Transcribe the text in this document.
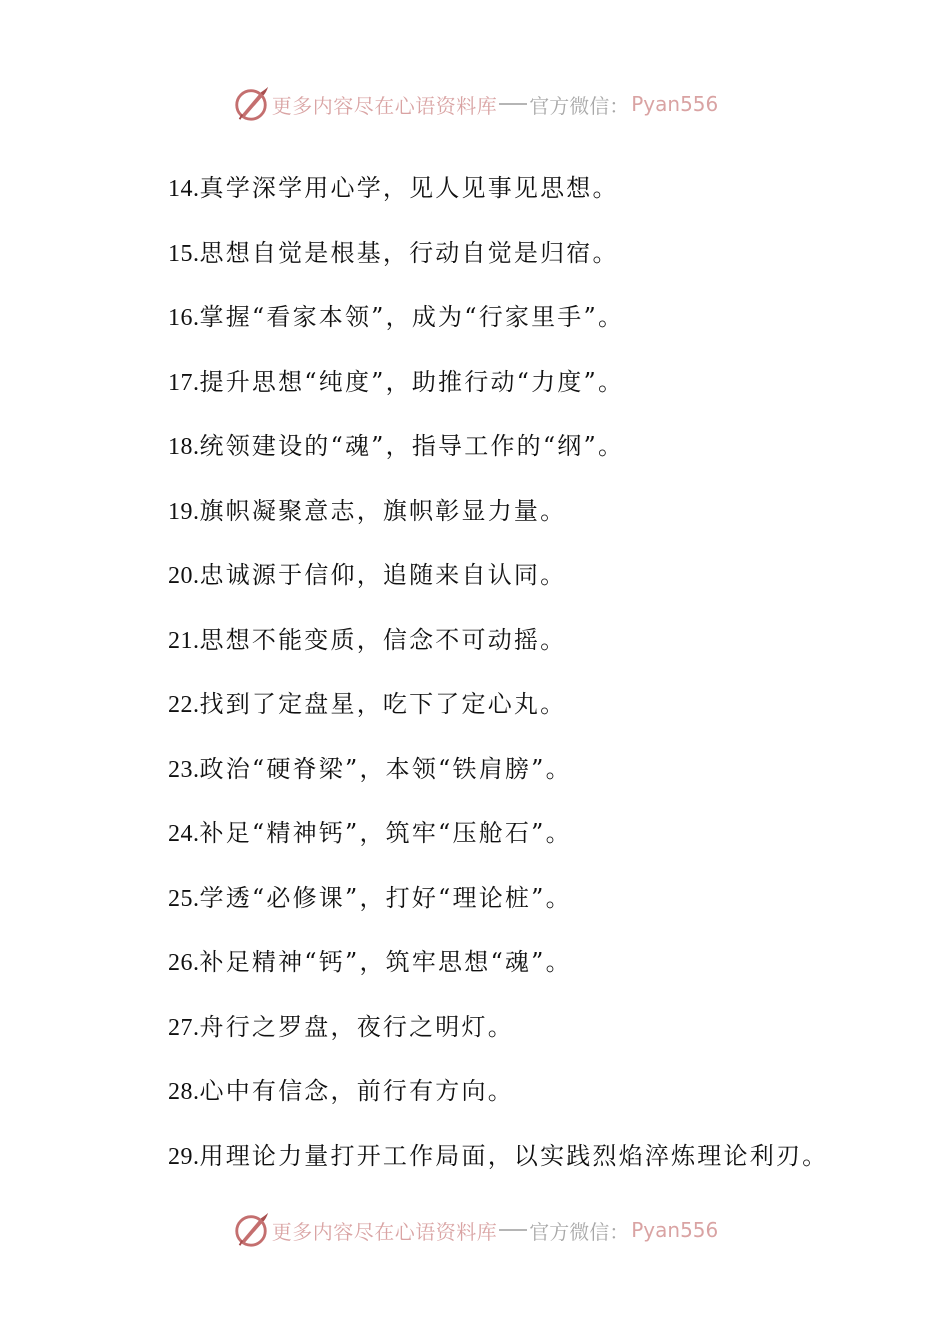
更多内容尽在心语资料库 官方微信： Pyan556
14.真学深学用心学，见人见事见思想。
15.思想自觉是根基，行动自觉是归宿。
16.掌握“看家本领”，成为“行家里手”。
17.提升思想“纯度”，助推行动“力度”。
18.统领建设的“魂”，指导工作的“纲”。
19.旗帜凝聚意志，旗帜彰显力量。
20.忠诚源于信仰，追随来自认同。
21.思想不能变质，信念不可动摇。
22.找到了定盘星，吃下了定心丸。
23.政治“硬脊梁”，本领“铁肩膀”。
24.补足“精神钙”，筑牢“压舱石”。
25.学透“必修课”，打好“理论桩”。
26.补足精神“钙”，筑牢思想“魂”。
27.舟行之罗盘，夜行之明灯。
28.心中有信念，前行有方向。
29.用理论力量打开工作局面，以实践烈焰淬炼理论利刃。
更多内容尽在心语资料库 官方微信： Pyan556
